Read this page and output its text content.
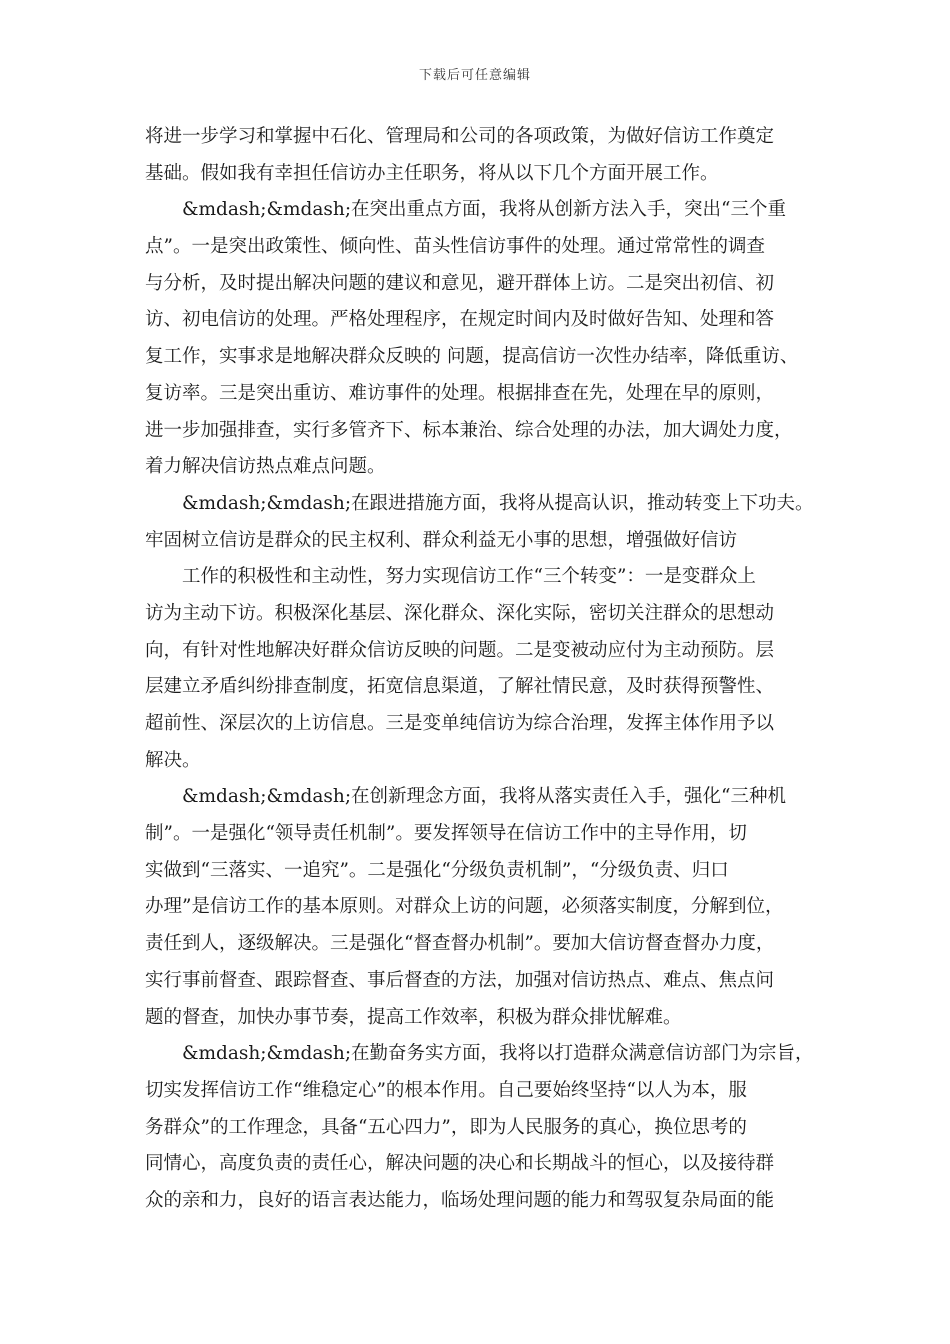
下载后可任意编辑
将进一步学习和掌握中石化、管理局和公司的各项政策，为做好信访工作奠定
基础。假如我有幸担任信访办主任职务，将从以下几个方面开展工作。
&mdash;&mdash;在突出重点方面，我将从创新方法入手，突出“三个重
点”。一是突出政策性、倾向性、苗头性信访事件的处理。通过常常性的调查
与分析，及时提出解决问题的建议和意见，避开群体上访。二是突出初信、初
访、初电信访的处理。严格处理程序，在规定时间内及时做好告知、处理和答
复工作，实事求是地解决群众反映的 问题，提高信访一次性办结率，降低重访、
复访率。三是突出重访、难访事件的处理。根据排查在先，处理在早的原则，
进一步加强排查，实行多管齐下、标本兼治、综合处理的办法，加大调处力度，
着力解决信访热点难点问题。
&mdash;&mdash;在跟进措施方面，我将从提高认识，推动转变上下功夫。
牢固树立信访是群众的民主权利、群众利益无小事的思想，增强做好信访
工作的积极性和主动性，努力实现信访工作“三个转变”：一是变群众上
访为主动下访。积极深化基层、深化群众、深化实际，密切关注群众的思想动
向，有针对性地解决好群众信访反映的问题。二是变被动应付为主动预防。层
层建立矛盾纠纷排查制度，拓宽信息渠道，了解社情民意，及时获得预警性、
超前性、深层次的上访信息。三是变单纯信访为综合治理，发挥主体作用予以
解决。
&mdash;&mdash;在创新理念方面，我将从落实责任入手，强化“三种机
制”。一是强化“领导责任机制”。要发挥领导在信访工作中的主导作用，切
实做到“三落实、一追究”。二是强化“分级负责机制”，“分级负责、归口
办理”是信访工作的基本原则。对群众上访的问题，必须落实制度，分解到位，
责任到人，逐级解决。三是强化“督查督办机制”。要加大信访督查督办力度，
实行事前督查、跟踪督查、事后督查的方法，加强对信访热点、难点、焦点问
题的督查，加快办事节奏，提高工作效率，积极为群众排忧解难。
&mdash;&mdash;在勤奋务实方面，我将以打造群众满意信访部门为宗旨，
切实发挥信访工作“维稳定心”的根本作用。自己要始终坚持“以人为本，服
务群众”的工作理念，具备“五心四力”，即为人民服务的真心，换位思考的
同情心，高度负责的责任心，解决问题的决心和长期战斗的恒心，以及接待群
众的亲和力，良好的语言表达能力，临场处理问题的能力和驾驭复杂局面的能
